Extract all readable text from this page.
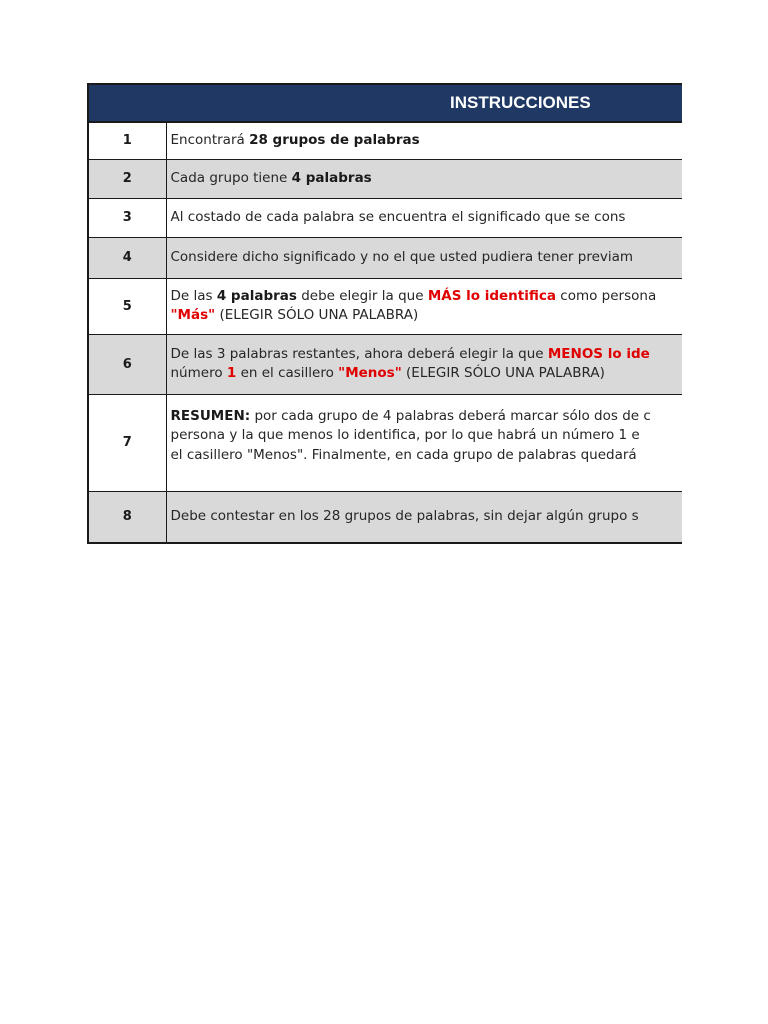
INSTRUCCIONES	

1	Encontrará 28 grupos de palabras

2	Cada grupo tiene 4 palabras

3	Al costado de cada palabra se encuentra el significado que se cons

4	Considere dicho significado y no el que usted pudiera tener previam

5	De las 4 palabras debe elegir la que MÁS lo identifica como persona
"Más" (ELEGIR SÓLO UNA PALABRA)

6	De las 3 palabras restantes, ahora deberá elegir la que MENOS lo ide
número 1 en el casillero "Menos" (ELEGIR SÓLO UNA PALABRA)

7	RESUMEN: por cada grupo de 4 palabras deberá marcar sólo dos de c
persona y la que menos lo identifica, por lo que habrá un número 1 e
el casillero "Menos". Finalmente, en cada grupo de palabras quedará

8	Debe contestar en los 28 grupos de palabras, sin dejar algún grupo s
